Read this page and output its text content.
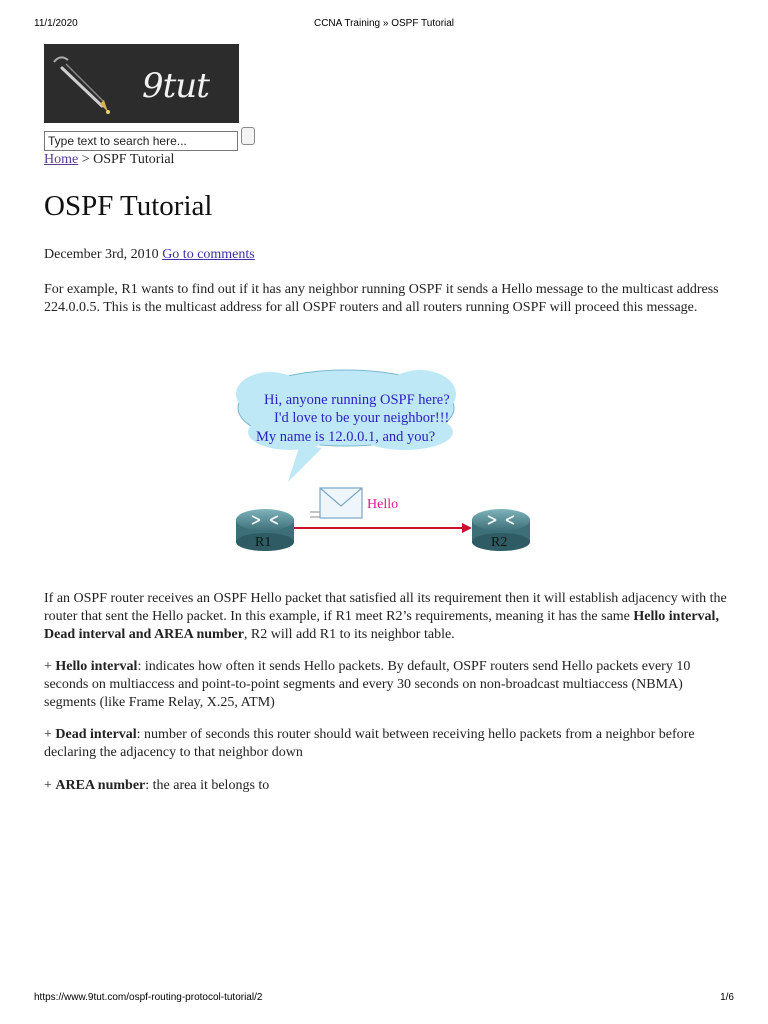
11/1/2020	CCNA Training » OSPF Tutorial
9tut
Type text to search here...
Home > OSPF Tutorial
OSPF Tutorial
December 3rd, 2010 Go to comments

For example, R1 wants to find out if it has any neighbor running OSPF it sends a Hello message to the multicast address 224.0.0.5. This is the multicast address for all OSPF routers and all routers running OSPF will proceed this message.

Hi, anyone running OSPF here?
I'd love to be your neighbor!!!
My name is 12.0.0.1, and you?
Hello
R1	R2

If an OSPF router receives an OSPF Hello packet that satisfied all its requirement then it will establish adjacency with the router that sent the Hello packet. In this example, if R1 meet R2’s requirements, meaning it has the same Hello interval, Dead interval and AREA number, R2 will add R1 to its neighbor table.

+ Hello interval: indicates how often it sends Hello packets. By default, OSPF routers send Hello packets every 10 seconds on multiaccess and point-to-point segments and every 30 seconds on non-broadcast multiaccess (NBMA) segments (like Frame Relay, X.25, ATM)

+ Dead interval: number of seconds this router should wait between receiving hello packets from a neighbor before declaring the adjacency to that neighbor down

+ AREA number: the area it belongs to

https://www.9tut.com/ospf-routing-protocol-tutorial/2	1/6
